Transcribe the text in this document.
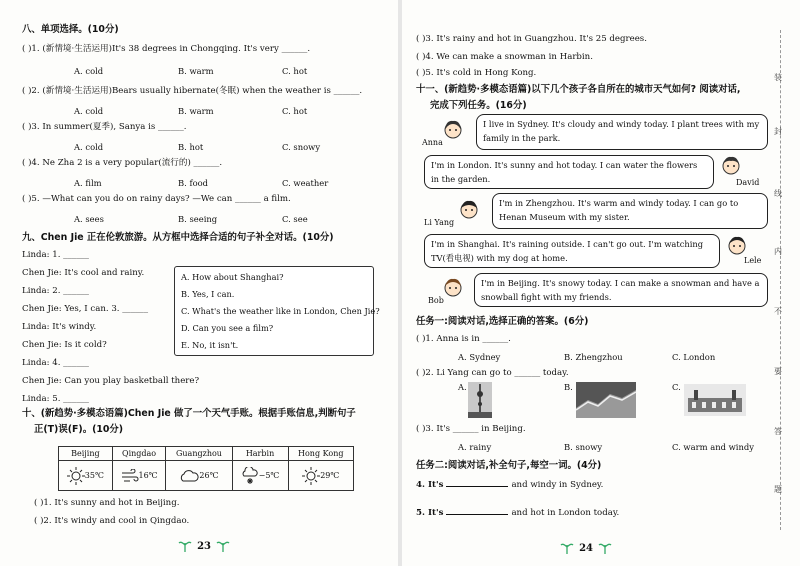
八、单项选择。(10分)
( )1. (新情境·生活运用)It's 38 degrees in Chongqing. It's very ______.
A. cold	B. warm	C. hot
( )2. (新情境·生活运用)Bears usually hibernate(冬眠) when the weather is ______.
A. cold	B. warm	C. hot
( )3. In summer(夏季), Sanya is ______.
A. cold	B. hot	C. snowy
( )4. Ne Zha 2 is a very popular(流行的) ______.
A. film	B. food	C. weather
( )5. —What can you do on rainy days? —We can ______ a film.
A. sees	B. seeing	C. see
九、Chen Jie 正在伦敦旅游。从方框中选择合适的句子补全对话。(10分)
Linda: 1. ______
Chen Jie: It's cool and rainy.
Linda: 2. ______
Chen Jie: Yes, I can. 3. ______
Linda: It's windy.
Chen Jie: Is it cold?
Linda: 4. ______
Chen Jie: Can you play basketball there?
Linda: 5. ______
A. How about Shanghai?
B. Yes, I can.
C. What's the weather like in London, Chen Jie?
D. Can you see a film?
E. No, it isn't.
十、(新趋势·多模态语篇)Chen Jie 做了一个天气手账。根据手账信息,判断句子
正(T)误(F)。(10分)
Beijing	Qingdao	Guangzhou	Harbin	Hong Kong
35℃	16℃	26℃	−5℃	29℃
( )1. It's sunny and hot in Beijing.
( )2. It's windy and cool in Qingdao.
23
( )3. It's rainy and hot in Guangzhou. It's 25 degrees.
( )4. We can make a snowman in Harbin.
( )5. It's cold in Hong Kong.
十一、(新趋势·多模态语篇)以下几个孩子各自所在的城市天气如何? 阅读对话,
完成下列任务。(16分)
Anna
I live in Sydney. It's cloudy and windy today. I plant trees with my family in the park.
I'm in London. It's sunny and hot today. I can water the flowers in the garden.	David
Li Yang
I'm in Zhengzhou. It's warm and windy today. I can go to Henan Museum with my sister.
I'm in Shanghai. It's raining outside. I can't go out. I'm watching TV(看电视) with my dog at home.	Lele
Bob
I'm in Beijing. It's snowy today. I can make a snowman and have a snowball fight with my friends.
任务一:阅读对话,选择正确的答案。(6分)
( )1. Anna is in ______.
A. Sydney	B. Zhengzhou	C. London
( )2. Li Yang can go to ______ today.
A.	B.	C.
( )3. It's ______ in Beijing.
A. rainy	B. snowy	C. warm and windy
任务二:阅读对话,补全句子,每空一词。(4分)
4. It's	and windy in Sydney.
5. It's	and hot in London today.
24
装
封
线
内
不
要
答
题
